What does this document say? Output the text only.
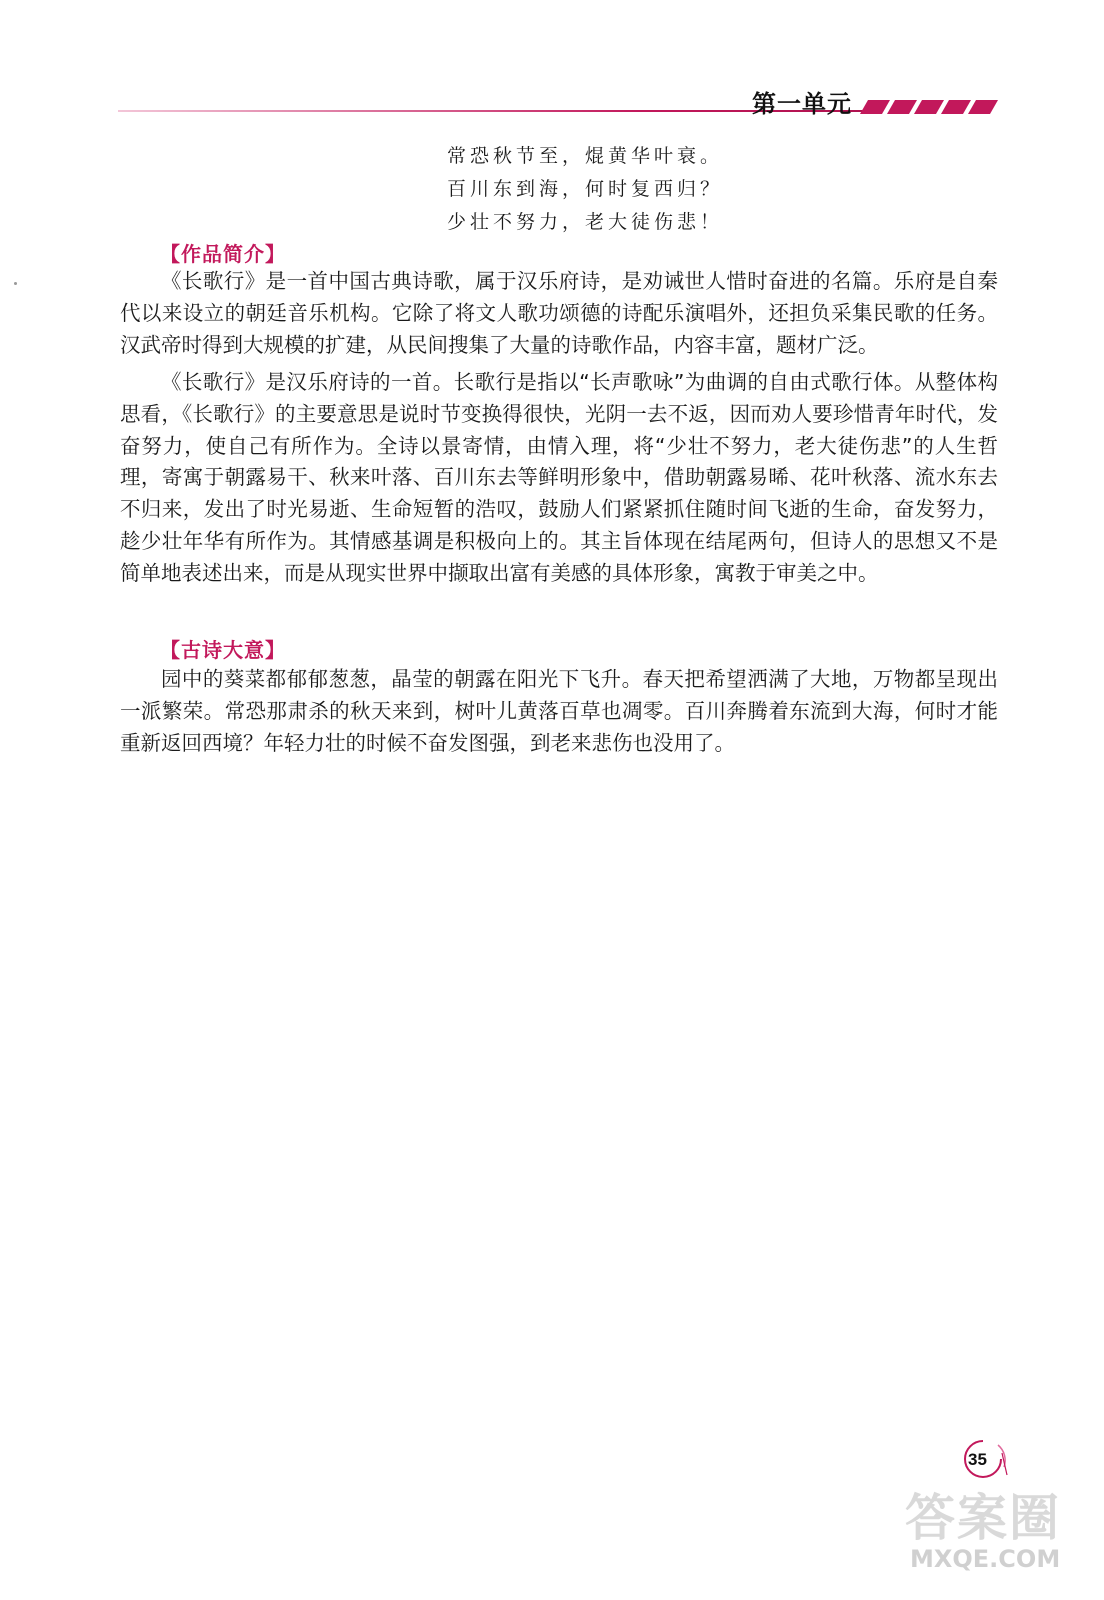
第一单元
常恐秋节至，焜黄华叶衰。
百川东到海，何时复西归？
少壮不努力，老大徒伤悲！
【作品简介】
《长歌行》是一首中国古典诗歌，属于汉乐府诗，是劝诫世人惜时奋进的名篇。乐府是自秦代以来设立的朝廷音乐机构。它除了将文人歌功颂德的诗配乐演唱外，还担负采集民歌的任务。汉武帝时得到大规模的扩建，从民间搜集了大量的诗歌作品，内容丰富，题材广泛。
《长歌行》是汉乐府诗的一首。长歌行是指以“长声歌咏”为曲调的自由式歌行体。从整体构思看，《长歌行》的主要意思是说时节变换得很快，光阴一去不返，因而劝人要珍惜青年时代，发奋努力，使自己有所作为。全诗以景寄情，由情入理，将“少壮不努力，老大徒伤悲”的人生哲理，寄寓于朝露易干、秋来叶落、百川东去等鲜明形象中，借助朝露易晞、花叶秋落、流水东去不归来，发出了时光易逝、生命短暂的浩叹，鼓励人们紧紧抓住随时间飞逝的生命，奋发努力，趁少壮年华有所作为。其情感基调是积极向上的。其主旨体现在结尾两句，但诗人的思想又不是简单地表述出来，而是从现实世界中撷取出富有美感的具体形象，寓教于审美之中。
【古诗大意】
园中的葵菜都郁郁葱葱，晶莹的朝露在阳光下飞升。春天把希望洒满了大地，万物都呈现出一派繁荣。常恐那肃杀的秋天来到，树叶儿黄落百草也凋零。百川奔腾着东流到大海，何时才能重新返回西境？年轻力壮的时候不奋发图强，到老来悲伤也没用了。
35
答案圈
MXQE.COM
